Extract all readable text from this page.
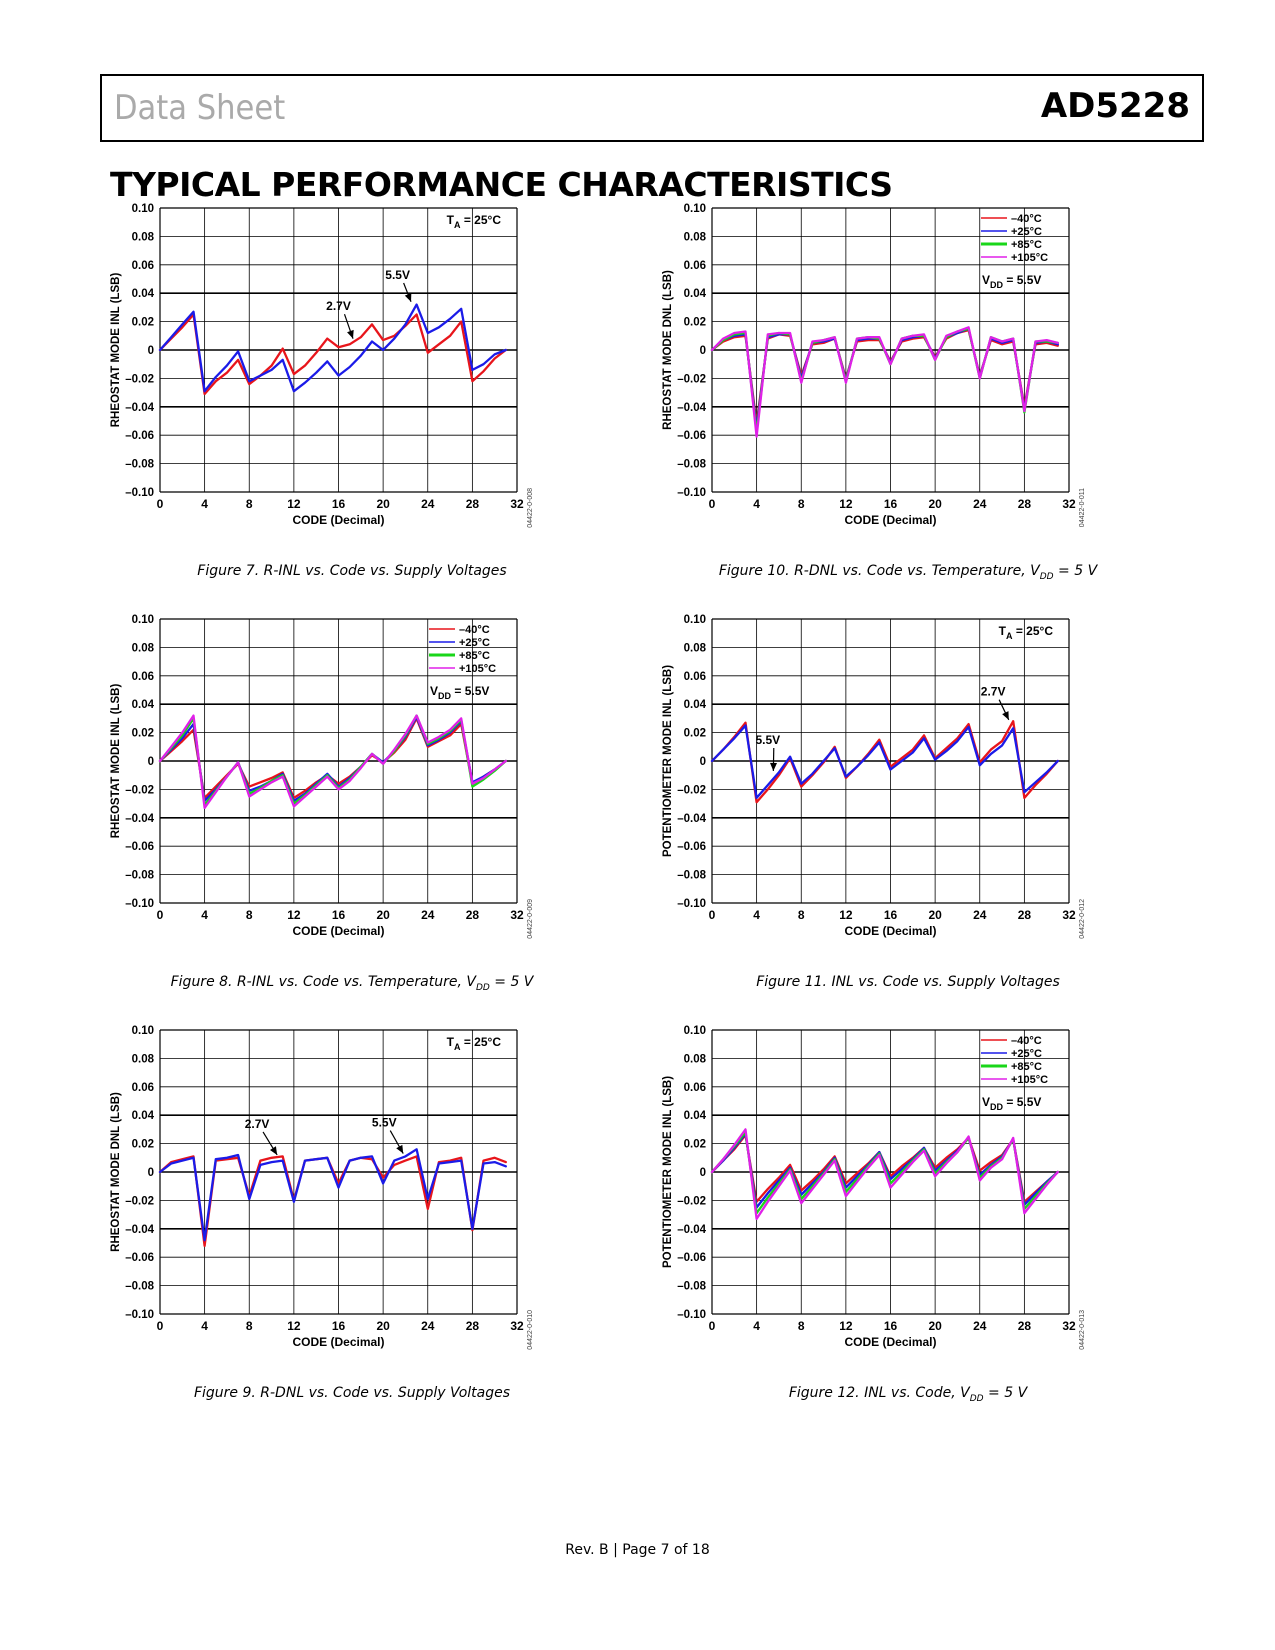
Data Sheet	AD5228
TYPICAL PERFORMANCE CHARACTERISTICS
0	4	8	12	16	20	24	28	32
0.10
0.08
0.06
0.04
0.02
0
–0.02
–0.04
–0.06
–0.08
–0.10
CODE (Decimal)
RHEOSTAT MODE INL (LSB)
04422-0-008
$T_A = 25^\circ C$
2.7V
5.5V
0	4	8	12	16	20	24	28	32
0.10
0.08
0.06
0.04
0.02
0
–0.02
–0.04
–0.06
–0.08
–0.10
CODE (Decimal)
RHEOSTAT MODE DNL (LSB)
04422-0-011
–40°C
+25°C
+85°C
+105°C
$V_{DD} = 5.5V$
0	4	8	12	16	20	24	28	32
0.10
0.08
0.06
0.04
0.02
0
–0.02
–0.04
–0.06
–0.08
–0.10
CODE (Decimal)
RHEOSTAT MODE INL (LSB)
04422-0-009
–40°C
+25°C
+85°C
+105°C
$V_{DD} = 5.5V$
0	4	8	12	16	20	24	28	32
0.10
0.08
0.06
0.04
0.02
0
–0.02
–0.04
–0.06
–0.08
–0.10
CODE (Decimal)
POTENTIOMETER MODE INL (LSB)
04422-0-012
$T_A = 25^\circ C$
5.5V
2.7V
0	4	8	12	16	20	24	28	32
0.10
0.08
0.06
0.04
0.02
0
–0.02
–0.04
–0.06
–0.08
–0.10
CODE (Decimal)
RHEOSTAT MODE DNL (LSB)
04422-0-010
$T_A = 25^\circ C$
2.7V	5.5V
0	4	8	12	16	20	24	28	32
0.10
0.08
0.06
0.04
0.02
0
–0.02
–0.04
–0.06
–0.08
–0.10
CODE (Decimal)
POTENTIOMETER MODE INL (LSB)
04422-0-013
–40°C
+25°C
+85°C
+105°C
$V_{DD} = 5.5V$
Figure 7. R-INL vs. Code vs. Supply Voltages	Figure 10. R-DNL vs. Code vs. Temperature, $V_{DD} = 5$ V
Figure 8. R-INL vs. Code vs. Temperature, $V_{DD} = 5$ V	Figure 11. INL vs. Code vs. Supply Voltages
Figure 9. R-DNL vs. Code vs. Supply Voltages	Figure 12. INL vs. Code, $V_{DD} = 5$ V
Rev. B | Page 7 of 18
